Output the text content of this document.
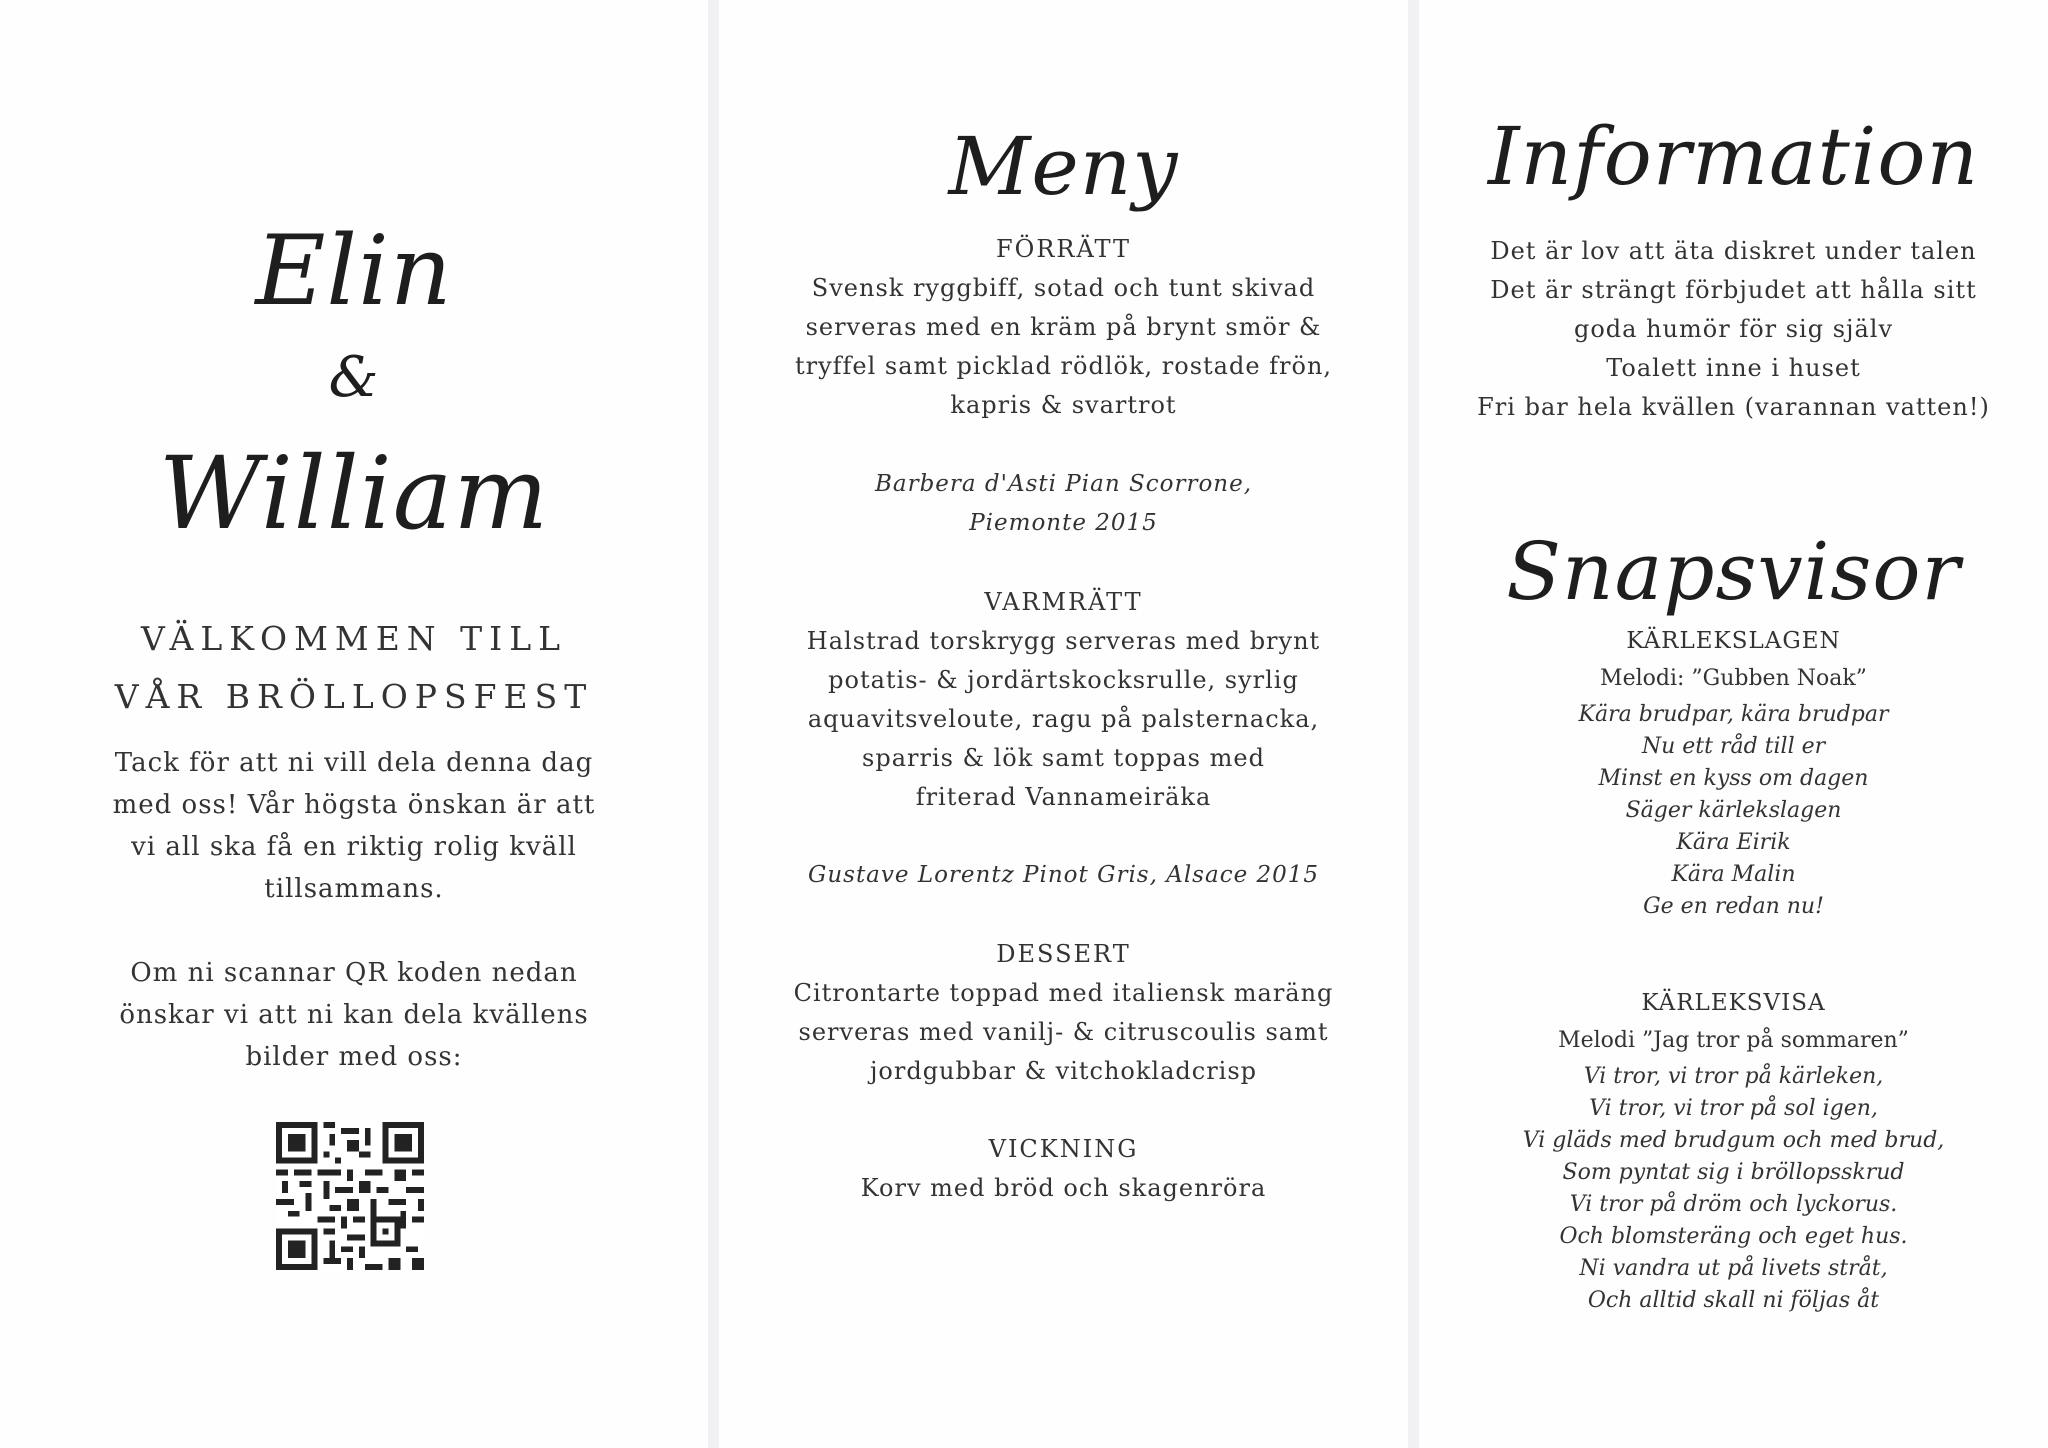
Elin
&
William
VÄLKOMMEN TILL
VÅR BRÖLLOPSFEST
Tack för att ni vill dela denna dag med oss! Vår högsta önskan är att vi all ska få en riktig rolig kväll tillsammans.
Om ni scannar QR koden nedan önskar vi att ni kan dela kvällens bilder med oss:
Meny
FÖRRÄTT
Svensk ryggbiff, sotad och tunt skivad
serveras med en kräm på brynt smör &
tryffel samt picklad rödlök, rostade frön,
kapris & svartrot
Barbera d'Asti Pian Scorrone,
Piemonte 2015
VARMRÄTT
Halstrad torskrygg serveras med brynt
potatis- & jordärtskocksrulle, syrlig
aquavitsveloute, ragu på palsternacka,
sparris & lök samt toppas med
friterad Vannameiräka
Gustave Lorentz Pinot Gris, Alsace 2015
DESSERT
Citrontarte toppad med italiensk maräng
serveras med vanilj- & citruscoulis samt
jordgubbar & vitchokladcrisp
VICKNING
Korv med bröd och skagenröra
Information
Det är lov att äta diskret under talen
Det är strängt förbjudet att hålla sitt
goda humör för sig själv
Toalett inne i huset
Fri bar hela kvällen (varannan vatten!)
Snapsvisor
KÄRLEKSLAGEN
Melodi: ”Gubben Noak”
Kära brudpar, kära brudpar
Nu ett råd till er
Minst en kyss om dagen
Säger kärlekslagen
Kära Eirik
Kära Malin
Ge en redan nu!
KÄRLEKSVISA
Melodi ”Jag tror på sommaren”
Vi tror, vi tror på kärleken,
Vi tror, vi tror på sol igen,
Vi gläds med brudgum och med brud,
Som pyntat sig i bröllopsskrud
Vi tror på dröm och lyckorus.
Och blomsteräng och eget hus.
Ni vandra ut på livets stråt,
Och alltid skall ni följas åt
